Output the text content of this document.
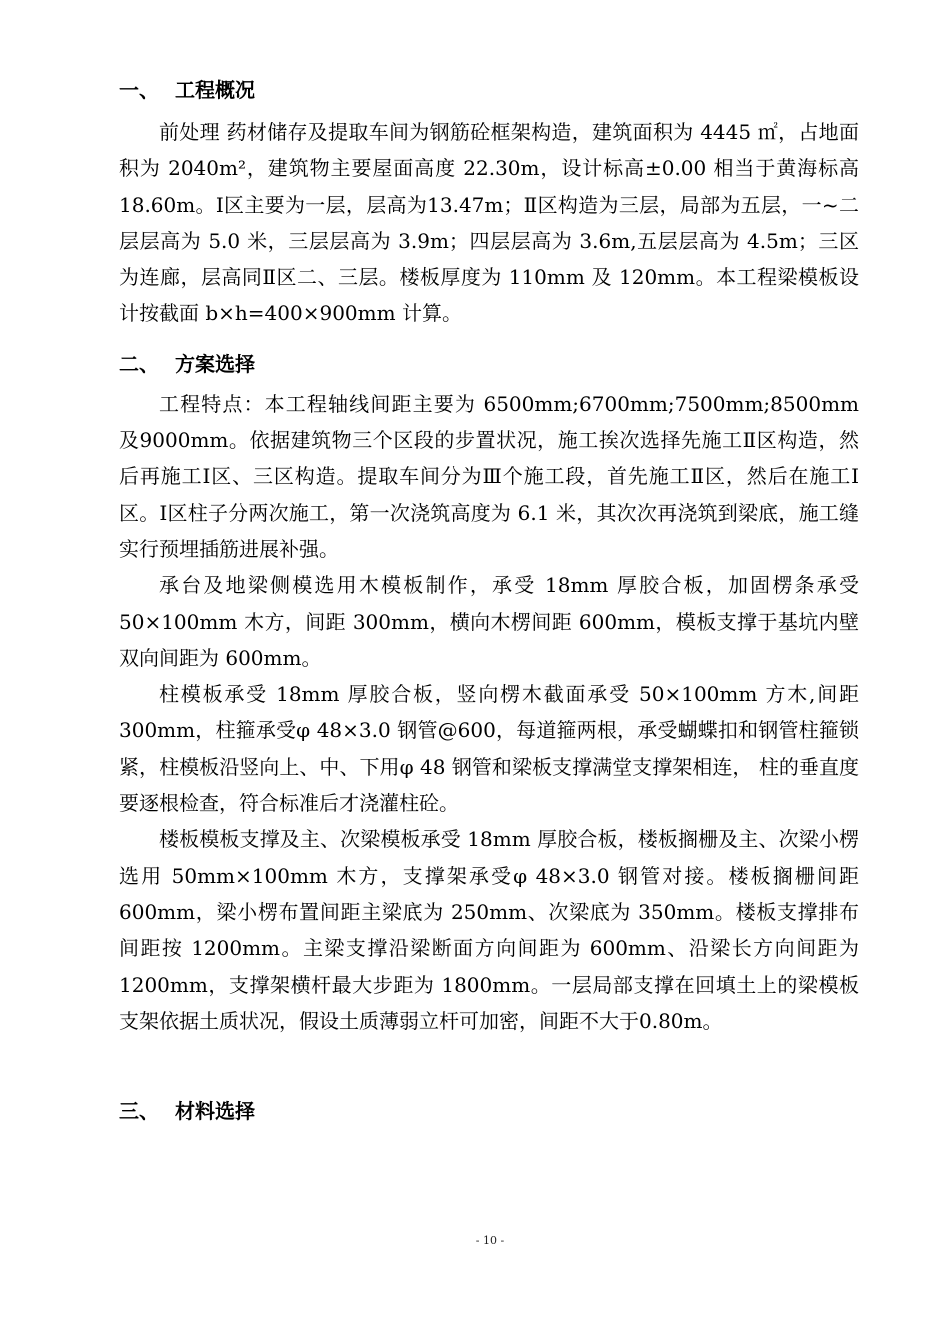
一、 工程概况

前处理 药材储存及提取车间为钢筋砼框架构造，建筑面积为 4445 ㎡，占地面积为 2040m²，建筑物主要屋面高度 22.30m，设计标高±0.00 相当于黄海标高 18.60m。Ⅰ区主要为一层，层高为13.47m；Ⅱ区构造为三层，局部为五层，一~二层层高为 5.0 米，三层层高为 3.9m；四层层高为 3.6m,五层层高为 4.5m；三区为连廊，层高同Ⅱ区二、三层。楼板厚度为 110mm 及 120mm。本工程梁模板设计按截面 b×h=400×900mm 计算。

二、 方案选择

工程特点：本工程轴线间距主要为 6500mm;6700mm;7500mm;8500mm 及9000mm。依据建筑物三个区段的步置状况，施工挨次选择先施工Ⅱ区构造，然后再施工Ⅰ区、三区构造。提取车间分为Ⅲ个施工段，首先施工Ⅱ区，然后在施工Ⅰ区。Ⅰ区柱子分两次施工，第一次浇筑高度为 6.1 米，其次次再浇筑到梁底，施工缝实行预埋插筋进展补强。

承台及地梁侧模选用木模板制作，承受 18mm 厚胶合板，加固楞条承受50×100mm 木方，间距 300mm，横向木楞间距 600mm，模板支撑于基坑内壁双向间距为 600mm。

柱模板承受 18mm 厚胶合板，竖向楞木截面承受 50×100mm 方木,间距 300mm，柱箍承受φ 48×3.0 钢管@600，每道箍两根，承受蝴蝶扣和钢管柱箍锁紧，柱模板沿竖向上、中、下用φ 48 钢管和梁板支撑满堂支撑架相连， 柱的垂直度要逐根检查，符合标准后才浇灌柱砼。

楼板模板支撑及主、次梁模板承受 18mm 厚胶合板，楼板搁栅及主、次梁小楞选用 50mm×100mm 木方，支撑架承受φ 48×3.0 钢管对接。楼板搁栅间距 600mm，梁小楞布置间距主梁底为 250mm、次梁底为 350mm。楼板支撑排布间距按 1200mm。主梁支撑沿梁断面方向间距为 600mm、沿梁长方向间距为 1200mm，支撑架横杆最大步距为 1800mm。一层局部支撑在回填土上的梁模板支架依据土质状况，假设土质薄弱立杆可加密，间距不大于0.80m。

三、 材料选择
- 10 -
